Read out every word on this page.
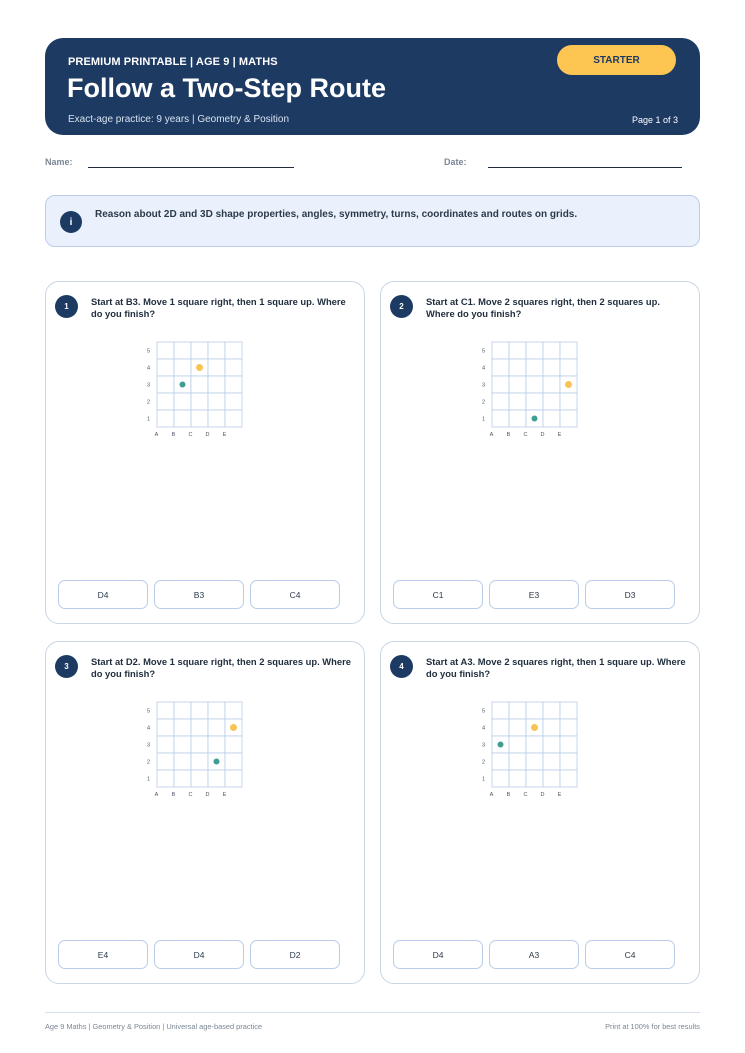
PREMIUM PRINTABLE | AGE 9 | MATHS
Follow a Two-Step Route
Exact-age practice: 9 years | Geometry & Position	Page 1 of 3
STARTER
Name:	Date:
i
Reason about 2D and 3D shape properties, angles, symmetry, turns, coordinates and routes on grids.
1	Start at B3. Move 1 square right, then 1 square up. Where do you finish?
5
4
3
2
1
A B C D E
D4	B3	C4
2	Start at C1. Move 2 squares right, then 2 squares up. Where do you finish?
5
4
3
2
1
A B C D E
C1	E3	D3
3	Start at D2. Move 1 square right, then 2 squares up. Where do you finish?
5
4
3
2
1
A B C D E
E4	D4	D2
4	Start at A3. Move 2 squares right, then 1 square up. Where do you finish?
5
4
3
2
1
A B C D E
D4	A3	C4
Age 9 Maths | Geometry & Position | Universal age-based practice	Print at 100% for best results
